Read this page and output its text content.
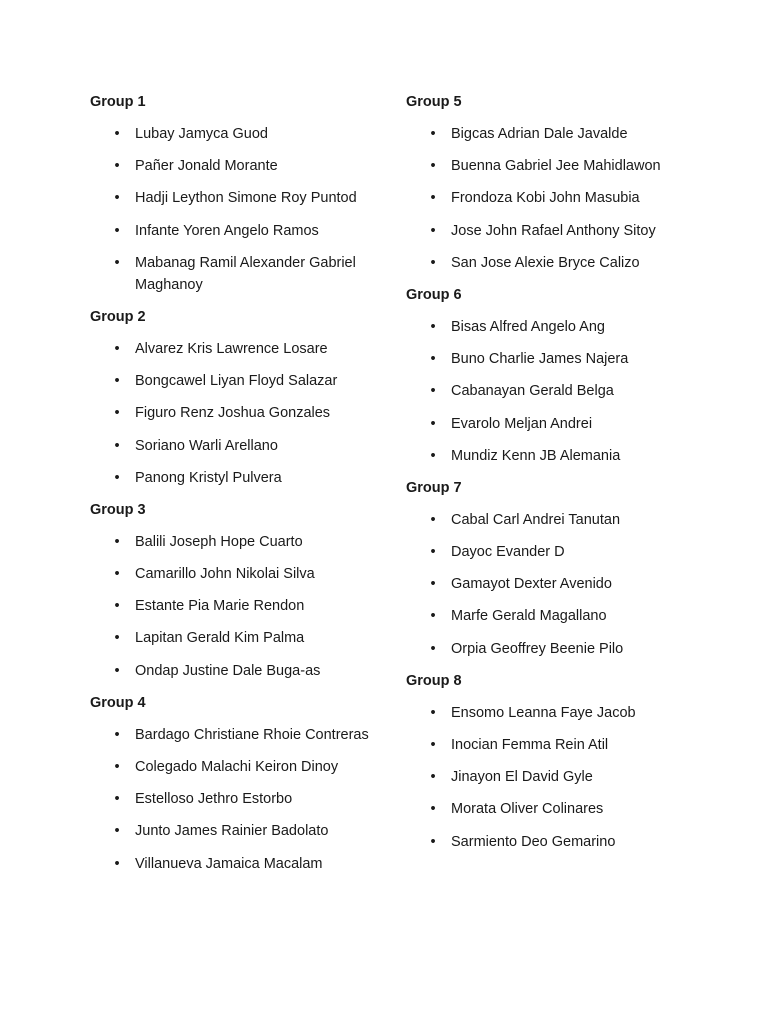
Group 1
• Lubay Jamyca Guod
• Pañer Jonald Morante
• Hadji Leython Simone Roy Puntod
• Infante Yoren Angelo Ramos
• Mabanag Ramil Alexander Gabriel Maghanoy
Group 2
• Alvarez Kris Lawrence Losare
• Bongcawel Liyan Floyd Salazar
• Figuro Renz Joshua Gonzales
• Soriano Warli Arellano
• Panong Kristyl Pulvera
Group 3
• Balili Joseph Hope Cuarto
• Camarillo John Nikolai Silva
• Estante Pia Marie Rendon
• Lapitan Gerald Kim Palma
• Ondap Justine Dale Buga-as
Group 4
• Bardago Christiane Rhoie Contreras
• Colegado Malachi Keiron Dinoy
• Estelloso Jethro Estorbo
• Junto James Rainier Badolato
• Villanueva Jamaica Macalam
Group 5
• Bigcas Adrian Dale Javalde
• Buenna Gabriel Jee Mahidlawon
• Frondoza Kobi John Masubia
• Jose John Rafael Anthony Sitoy
• San Jose Alexie Bryce Calizo
Group 6
• Bisas Alfred Angelo Ang
• Buno Charlie James Najera
• Cabanayan Gerald Belga
• Evarolo Meljan Andrei
• Mundiz Kenn JB Alemania
Group 7
• Cabal Carl Andrei Tanutan
• Dayoc Evander D
• Gamayot Dexter Avenido
• Marfe Gerald Magallano
• Orpia Geoffrey Beenie Pilo
Group 8
• Ensomo Leanna Faye Jacob
• Inocian Femma Rein Atil
• Jinayon El David Gyle
• Morata Oliver Colinares
• Sarmiento Deo Gemarino
